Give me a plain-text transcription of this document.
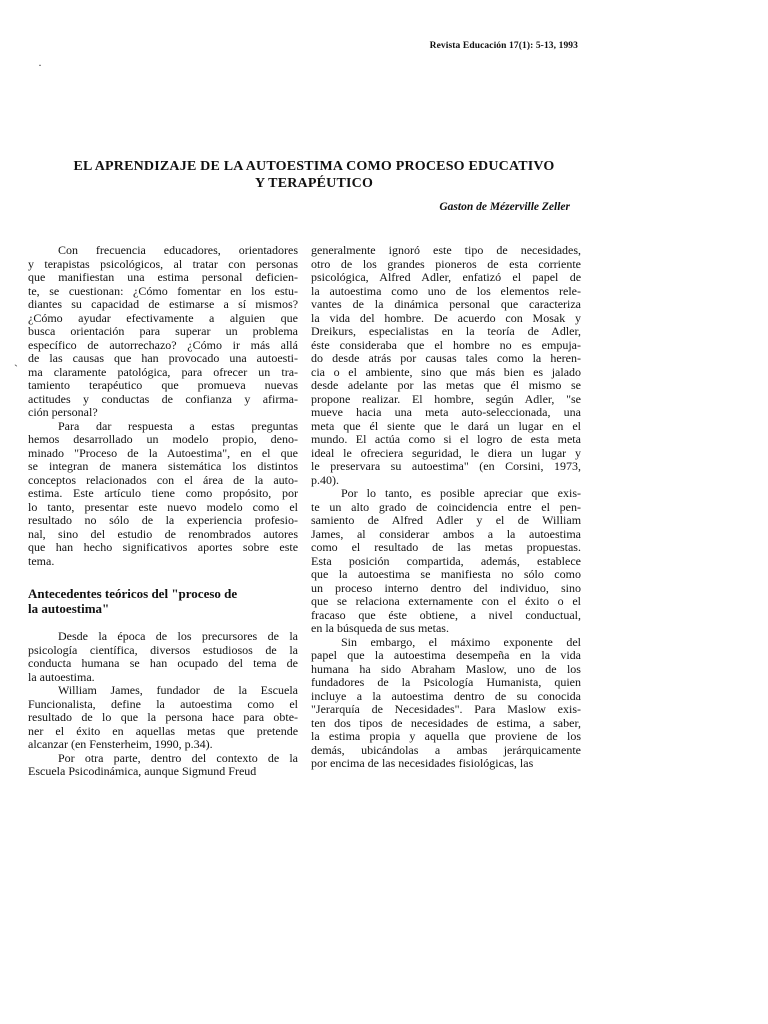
Revista Educación 17(1): 5-13, 1993
EL APRENDIZAJE DE LA AUTOESTIMA COMO PROCESO EDUCATIVO
Y TERAPÉUTICO
Gaston de Mézerville Zeller
·
`

Con frecuencia educadores, orientadores
y terapistas psicológicos, al tratar con personas
que manifiestan una estima personal deficien-
te, se cuestionan: ¿Cómo fomentar en los estu-
diantes su capacidad de estimarse a sí mismos?
¿Cómo ayudar efectivamente a alguien que
busca orientación para superar un problema
específico de autorrechazo? ¿Cómo ir más allá
de las causas que han provocado una autoesti-
ma claramente patológica, para ofrecer un tra-
tamiento terapéutico que promueva nuevas
actitudes y conductas de confianza y afirma-
ción personal?

Para dar respuesta a estas preguntas
hemos desarrollado un modelo propio, deno-
minado "Proceso de la Autoestima", en el que
se integran de manera sistemática los distintos
conceptos relacionados con el área de la auto-
estima. Este artículo tiene como propósito, por
lo tanto, presentar este nuevo modelo como el
resultado no sólo de la experiencia profesio-
nal, sino del estudio de renombrados autores
que han hecho significativos aportes sobre este
tema.

Antecedentes teóricos del "proceso de
la autoestima"

Desde la época de los precursores de la
psicología científica, diversos estudiosos de la
conducta humana se han ocupado del tema de
la autoestima.

William James, fundador de la Escuela
Funcionalista, define la autoestima como el
resultado de lo que la persona hace para obte-
ner el éxito en aquellas metas que pretende
alcanzar (en Fensterheim, 1990, p.34).

Por otra parte, dentro del contexto de la
Escuela Psicodinámica, aunque Sigmund Freud

generalmente ignoró este tipo de necesidades,
otro de los grandes pioneros de esta corriente
psicológica, Alfred Adler, enfatizó el papel de
la autoestima como uno de los elementos rele-
vantes de la dinámica personal que caracteriza
la vida del hombre. De acuerdo con Mosak y
Dreikurs, especialistas en la teoría de Adler,
éste consideraba que el hombre no es empuja-
do desde atrás por causas tales como la heren-
cia o el ambiente, sino que más bien es jalado
desde adelante por las metas que él mismo se
propone realizar. El hombre, según Adler, "se
mueve hacia una meta auto-seleccionada, una
meta que él siente que le dará un lugar en el
mundo. El actúa como si el logro de esta meta
ideal le ofreciera seguridad, le diera un lugar y
le preservara su autoestima" (en Corsini, 1973,
p.40).

Por lo tanto, es posible apreciar que exis-
te un alto grado de coincidencia entre el pen-
samiento de Alfred Adler y el de William
James, al considerar ambos a la autoestima
como el resultado de las metas propuestas.
Esta posición compartida, además, establece
que la autoestima se manifiesta no sólo como
un proceso interno dentro del individuo, sino
que se relaciona externamente con el éxito o el
fracaso que éste obtiene, a nivel conductual,
en la búsqueda de sus metas.

Sin embargo, el máximo exponente del
papel que la autoestima desempeña en la vida
humana ha sido Abraham Maslow, uno de los
fundadores de la Psicología Humanista, quien
incluye a la autoestima dentro de su conocida
"Jerarquía de Necesidades". Para Maslow exis-
ten dos tipos de necesidades de estima, a saber,
la estima propia y aquella que proviene de los
demás, ubicándolas a ambas jerárquicamente
por encima de las necesidades fisiológicas, las
